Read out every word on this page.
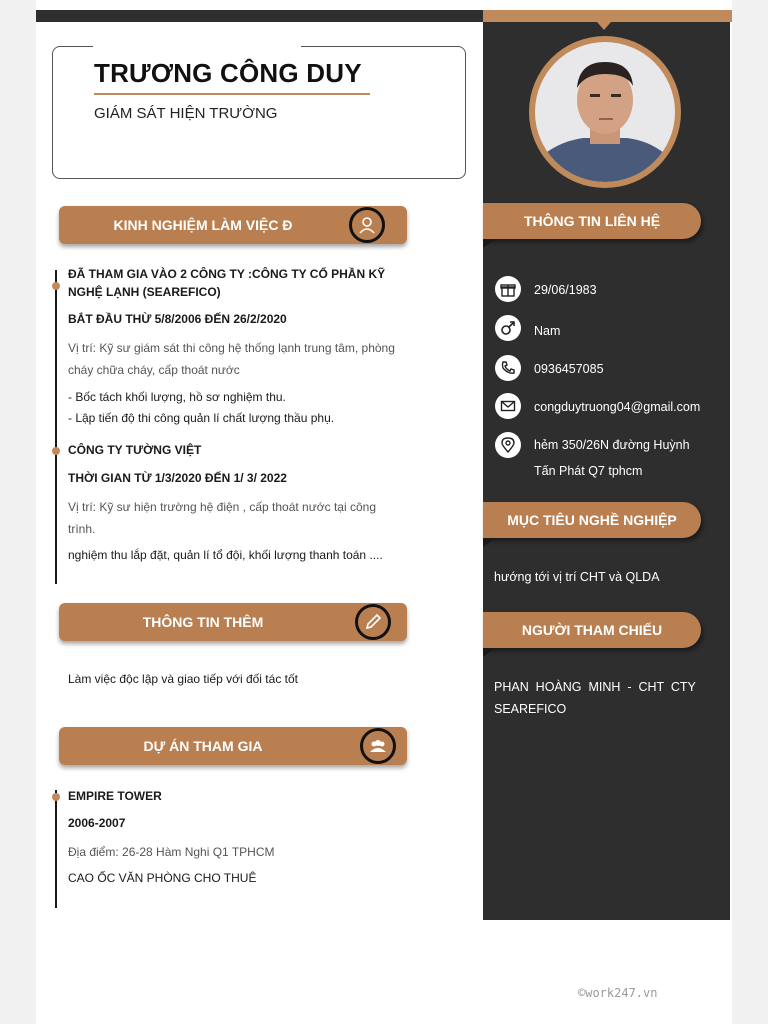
TRƯƠNG CÔNG DUY
GIÁM SÁT HIỆN TRƯỜNG
KINH NGHIỆM LÀM VIỆC Đ
ĐÃ THAM GIA VÀO 2 CÔNG TY :CÔNG TY CỔ PHẦN KỸ
NGHỆ LẠNH (SEAREFICO)
BẮT ĐẦU THỪ 5/8/2006 ĐẾN 26/2/2020
Vị trí: Kỹ sư giám sát thi công hệ thống lạnh trung tâm, phòng
cháy chữa cháy, cấp thoát nước
- Bốc tách khối lượng, hồ sơ nghiệm thu.
- Lập tiến độ thi công quản lí chất lượng thầu phụ.
CÔNG TY TƯỜNG VIỆT
THỜI GIAN TỪ 1/3/2020 ĐẾN 1/ 3/ 2022
Vị trí: Kỹ sư hiện trường hệ điện , cấp thoát nước tại công
trình.
nghiệm thu lắp đặt, quản lí tổ đội, khối lượng thanh toán ....
THÔNG TIN THÊM
Làm việc độc lập và giao tiếp với đối tác tốt
DỰ ÁN THAM GIA
EMPIRE TOWER
2006-2007
Địa điểm: 26-28 Hàm Nghi Q1 TPHCM
CAO ỐC VĂN PHÒNG CHO THUÊ
THÔNG TIN LIÊN HỆ
29/06/1983
Nam
0936457085
congduytruong04@gmail.com
hẻm 350/26N đường Huỳnh
Tấn Phát Q7 tphcm
MỤC TIÊU NGHỀ NGHIỆP
hướng tới vị trí CHT và QLDA
NGƯỜI THAM CHIẾU
PHAN  HOÀNG  MINH  -  CHT  CTY
SEAREFICO
©work247.vn
